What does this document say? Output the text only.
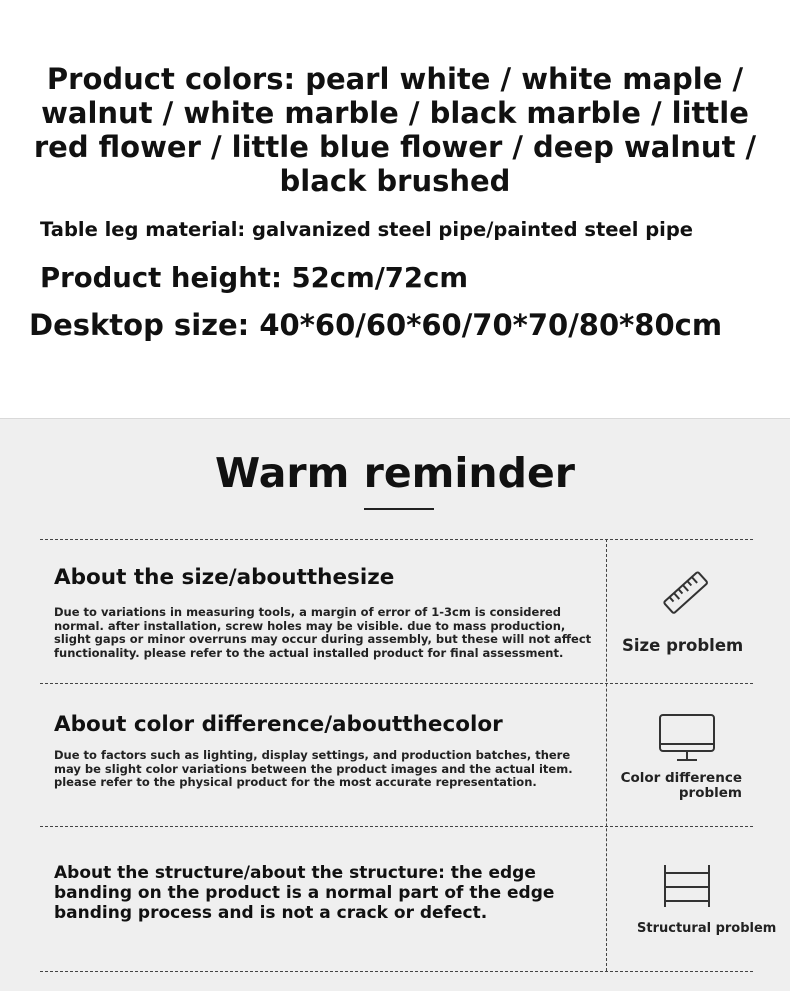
Product colors: pearl white / white maple / walnut / white marble / black marble / little red flower / little blue flower / deep walnut / black brushed
Table leg material: galvanized steel pipe/painted steel pipe
Product height: 52cm/72cm
Desktop size: 40*60/60*60/70*70/80*80cm
Warm reminder
About the size/aboutthesize
Due to variations in measuring tools, a margin of error of 1-3cm is considered normal. after installation, screw holes may be visible. due to mass production, slight gaps or minor overruns may occur during assembly, but these will not affect functionality. please refer to the actual installed product for final assessment.	Size problem
About color difference/aboutthecolor
Due to factors such as lighting, display settings, and production batches, there may be slight color variations between the product images and the actual item. please refer to the physical product for the most accurate representation.	Color difference problem
About the structure/about the structure: the edge banding on the product is a normal part of the edge banding process and is not a crack or defect.
Structural problem
